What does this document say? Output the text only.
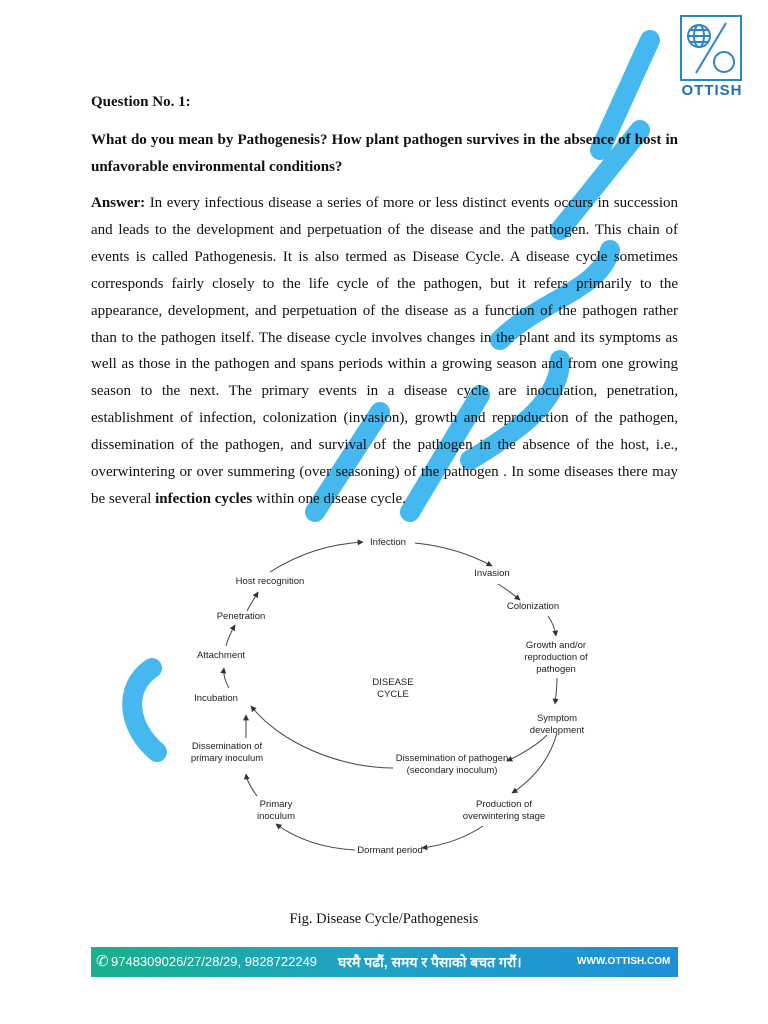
OTTISH
Question No. 1:
What do you mean by Pathogenesis? How plant pathogen survives in the absence of host in unfavorable environmental conditions?
Answer: In every infectious disease a series of more or less distinct events occurs in succession and leads to the development and perpetuation of the disease and the pathogen. This chain of events is called Pathogenesis. It is also termed as Disease Cycle. A disease cycle sometimes corresponds fairly closely to the life cycle of the pathogen, but it refers primarily to the appearance, development, and perpetuation of the disease as a function of the pathogen rather than to the pathogen itself. The disease cycle involves changes in the plant and its symptoms as well as those in the pathogen and spans periods within a growing season and from one growing season to the next. The primary events in a disease cycle are inoculation, penetration, establishment of infection, colonization (invasion), growth and reproduction of the pathogen, dissemination of the pathogen, and survival of the pathogen in the absence of the host, i.e., overwintering or over summering (over seasoning) of the pathogen . In some diseases there may be several infection cycles within one disease cycle.
DISEASE
CYCLE
Infection
Invasion
Colonization
Growth and/or
reproduction of
pathogen
Symptom
development
Dissemination of pathogen
(secondary inoculum)
Production of
overwintering stage
Dormant period
Primary
inoculum
Dissemination of
primary inoculum
Incubation
Attachment
Penetration
Host recognition
Fig. Disease Cycle/Pathogenesis
✆ 9748309026/27/28/29, 9828722249 घरमै पढौं, समय र पैसाको बचत गरौं।	WWW.OTTISH.COM
